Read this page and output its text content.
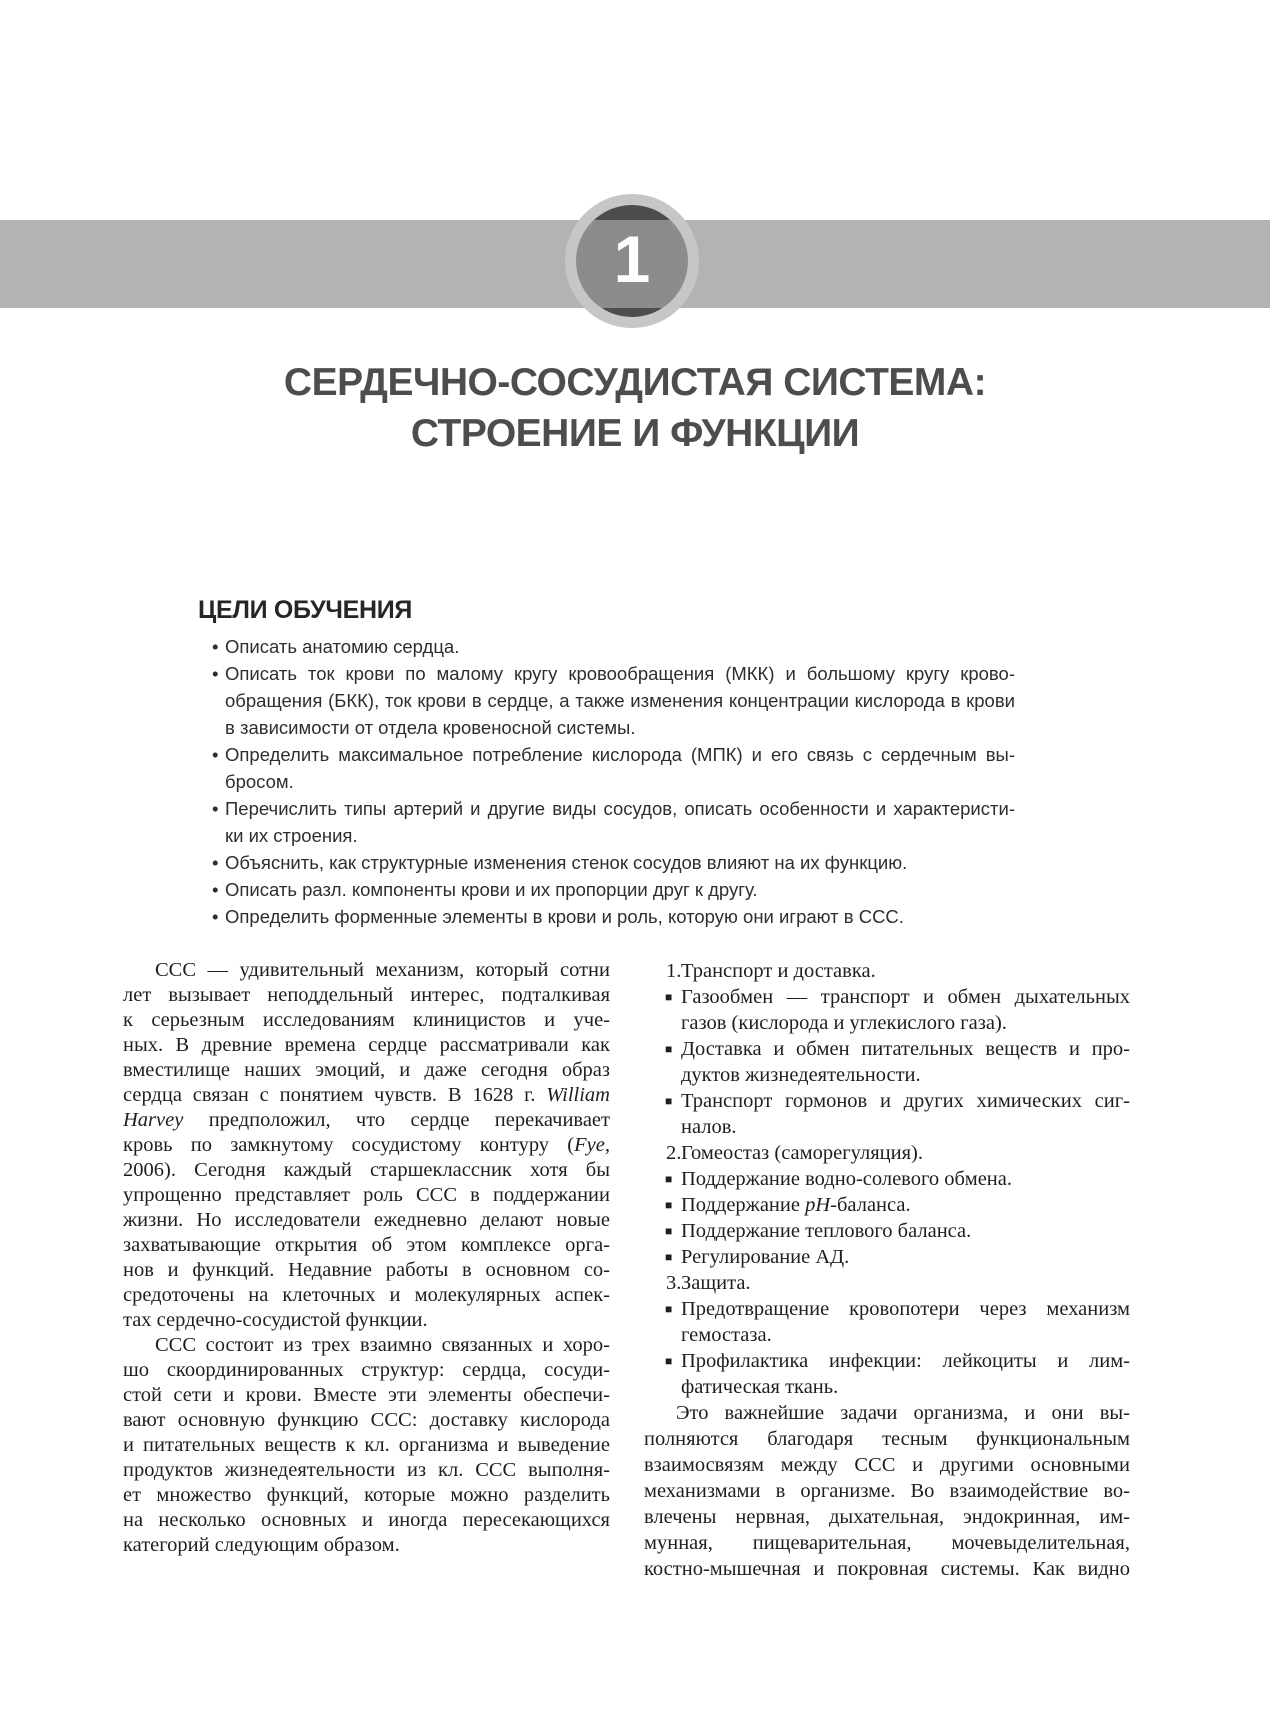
1
СЕРДЕЧНО-СОСУДИСТАЯ СИСТЕМА:
СТРОЕНИЕ И ФУНКЦИИ
ЦЕЛИ ОБУЧЕНИЯ
• Описать анатомию сердца.
• Описать ток крови по малому кругу кровообращения (МКК) и большому кругу крово-
обращения (БКК), ток крови в сердце, а также изменения концентрации кислорода в крови
в зависимости от отдела кровеносной системы.
• Определить максимальное потребление кислорода (МПК) и его связь с сердечным вы-
бросом.
• Перечислить типы артерий и другие виды сосудов, описать особенности и характеристи-
ки их строения.
• Объяснить, как структурные изменения стенок сосудов влияют на их функцию.
• Описать разл. компоненты крови и их пропорции друг к другу.
• Определить форменные элементы в крови и роль, которую они играют в ССС.
ССС — удивительный механизм, который сотни
лет вызывает неподдельный интерес, подталкивая
к серьезным исследованиям клиницистов и уче-
ных. В древние времена сердце рассматривали как
вместилище наших эмоций, и даже сегодня образ
сердца связан с понятием чувств. В 1628 г. William
Harvey предположил, что сердце перекачивает
кровь по замкнутому сосудистому контуру (Fye,
2006). Сегодня каждый старшеклассник хотя бы
упрощенно представляет роль ССС в поддержании
жизни. Но исследователи ежедневно делают новые
захватывающие открытия об этом комплексе орга-
нов и функций. Недавние работы в основном со-
средоточены на клеточных и молекулярных аспек-
тах сердечно-сосудистой функции.
ССС состоит из трех взаимно связанных и хоро-
шо скоординированных структур: сердца, сосуди-
стой сети и крови. Вместе эти элементы обеспечи-
вают основную функцию ССС: доставку кислорода
и питательных веществ к кл. организма и выведение
продуктов жизнедеятельности из кл. ССС выполня-
ет множество функций, которые можно разделить
на несколько основных и иногда пересекающихся
категорий следующим образом.
1. Транспорт и доставка.
■ Газообмен — транспорт и обмен дыхательных
газов (кислорода и углекислого газа).
■ Доставка и обмен питательных веществ и про-
дуктов жизнедеятельности.
■ Транспорт гормонов и других химических сиг-
налов.
2. Гомеостаз (саморегуляция).
■ Поддержание водно-солевого обмена.
■ Поддержание pH-баланса.
■ Поддержание теплового баланса.
■ Регулирование АД.
3. Защита.
■ Предотвращение кровопотери через механизм
гемостаза.
■ Профилактика инфекции: лейкоциты и лим-
фатическая ткань.
Это важнейшие задачи организма, и они вы-
полняются благодаря тесным функциональным
взаимосвязям между ССС и другими основными
механизмами в организме. Во взаимодействие во-
влечены нервная, дыхательная, эндокринная, им-
мунная, пищеварительная, мочевыделительная,
костно-мышечная и покровная системы. Как видно
